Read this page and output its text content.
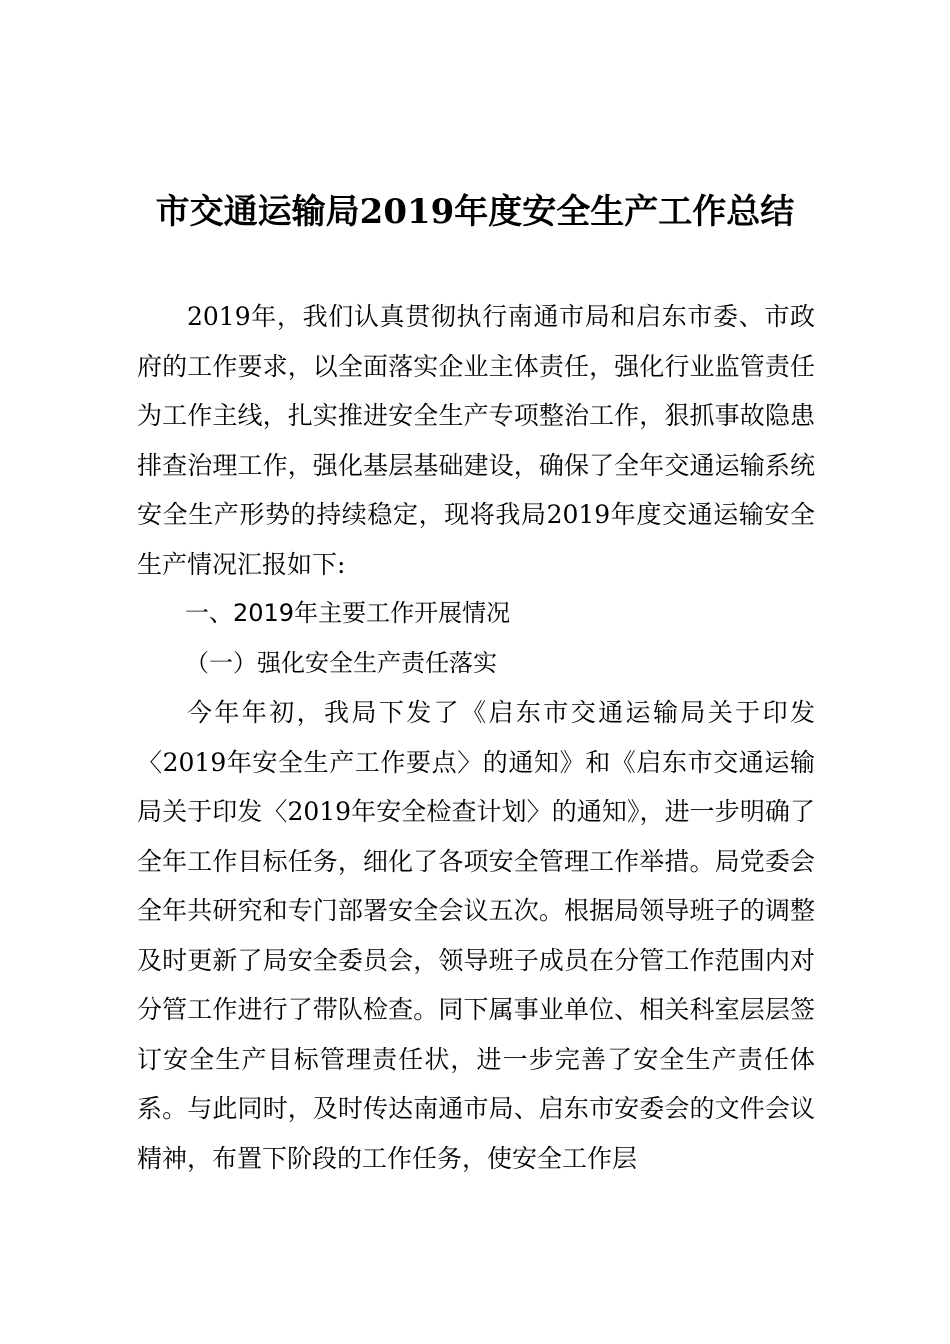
市交通运输局2019年度安全生产工作总结

2019年，我们认真贯彻执行南通市局和启东市委、市政府的工作要求，以全面落实企业主体责任，强化行业监管责任为工作主线，扎实推进安全生产专项整治工作，狠抓事故隐患排查治理工作，强化基层基础建设，确保了全年交通运输系统安全生产形势的持续稳定，现将我局2019年度交通运输安全生产情况汇报如下:

一、2019年主要工作开展情况

（一）强化安全生产责任落实

今年年初，我局下发了《启东市交通运输局关于印发〈2019年安全生产工作要点〉的通知》和《启东市交通运输局关于印发〈2019年安全检查计划〉的通知》，进一步明确了全年工作目标任务，细化了各项安全管理工作举措。局党委会全年共研究和专门部署安全会议五次。根据局领导班子的调整及时更新了局安全委员会，领导班子成员在分管工作范围内对分管工作进行了带队检查。同下属事业单位、相关科室层层签订安全生产目标管理责任状，进一步完善了安全生产责任体系。与此同时，及时传达南通市局、启东市安委会的文件会议精神，布置下阶段的工作任务，使安全工作层
